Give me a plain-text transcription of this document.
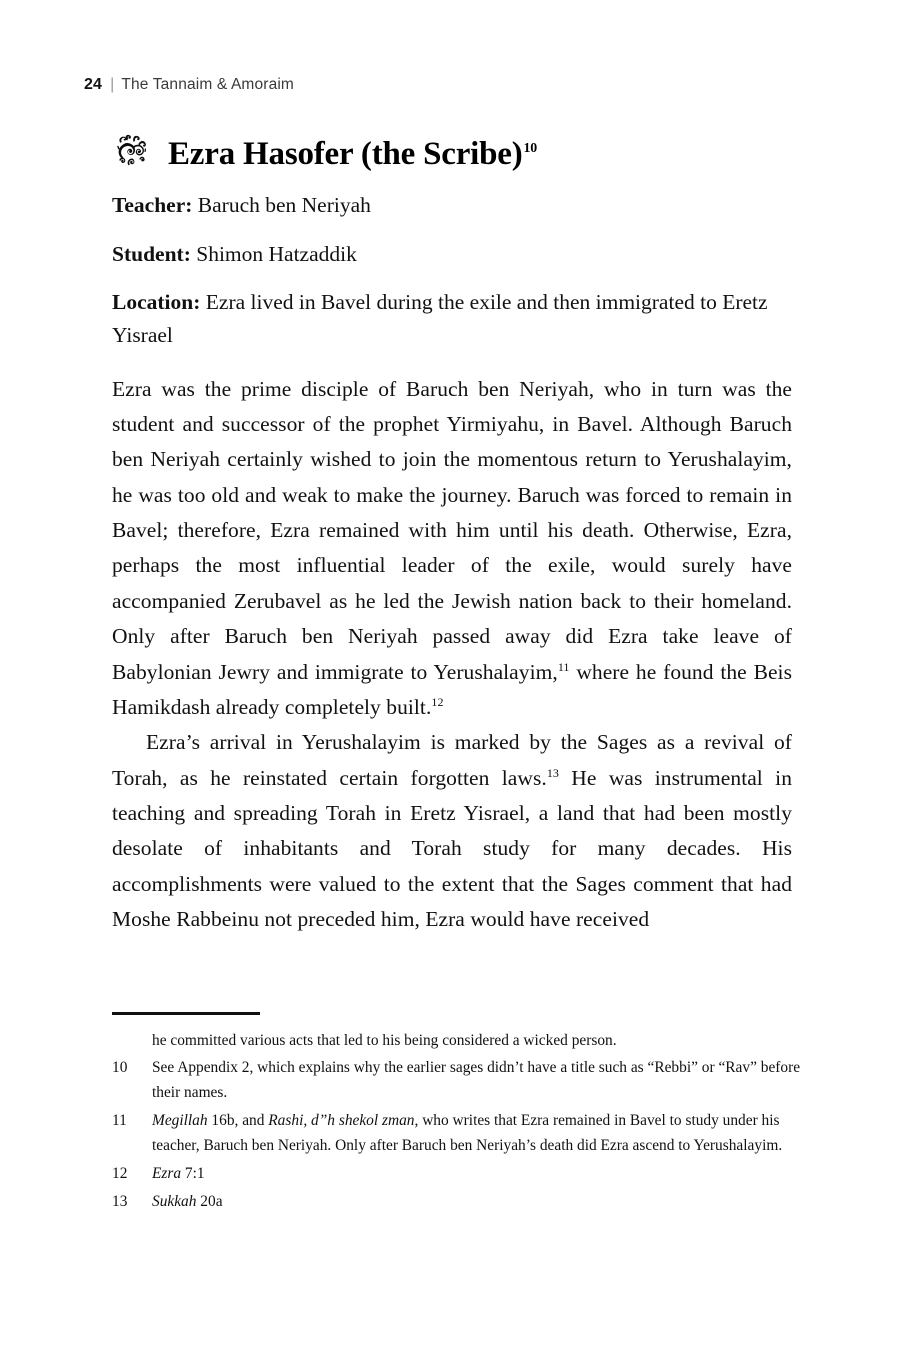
24 | The Tannaim & Amoraim
Ezra Hasofer (the Scribe)$^{10}$

Teacher: Baruch ben Neriyah

Student: Shimon Hatzaddik

Location: Ezra lived in Bavel during the exile and then immigrated to Eretz Yisrael

Ezra was the prime disciple of Baruch ben Neriyah, who in turn was the student and successor of the prophet Yirmiyahu, in Bavel. Although Baruch ben Neriyah certainly wished to join the momentous return to Yerushalayim, he was too old and weak to make the journey. Baruch was forced to remain in Bavel; therefore, Ezra remained with him until his death. Otherwise, Ezra, perhaps the most influential leader of the exile, would surely have accompanied Zerubavel as he led the Jewish nation back to their homeland. Only after Baruch ben Neriyah passed away did Ezra take leave of Babylonian Jewry and immigrate to Yerushalayim,$^{11}$ where he found the Beis Hamikdash already completely built.$^{12}$

Ezra’s arrival in Yerushalayim is marked by the Sages as a revival of Torah, as he reinstated certain forgotten laws.$^{13}$ He was instrumental in teaching and spreading Torah in Eretz Yisrael, a land that had been mostly desolate of inhabitants and Torah study for many decades. His accomplishments were valued to the extent that the Sages comment that had Moshe Rabbeinu not preceded him, Ezra would have received

he committed various acts that led to his being considered a wicked person.

10	See Appendix 2, which explains why the earlier sages didn’t have a title such as “Rebbi” or “Rav” before their names.
11	Megillah 16b, and Rashi, d”h shekol zman, who writes that Ezra remained in Bavel to study under his teacher, Baruch ben Neriyah. Only after Baruch ben Neriyah’s death did Ezra ascend to Yerushalayim.
12	Ezra 7:1
13	Sukkah 20a
